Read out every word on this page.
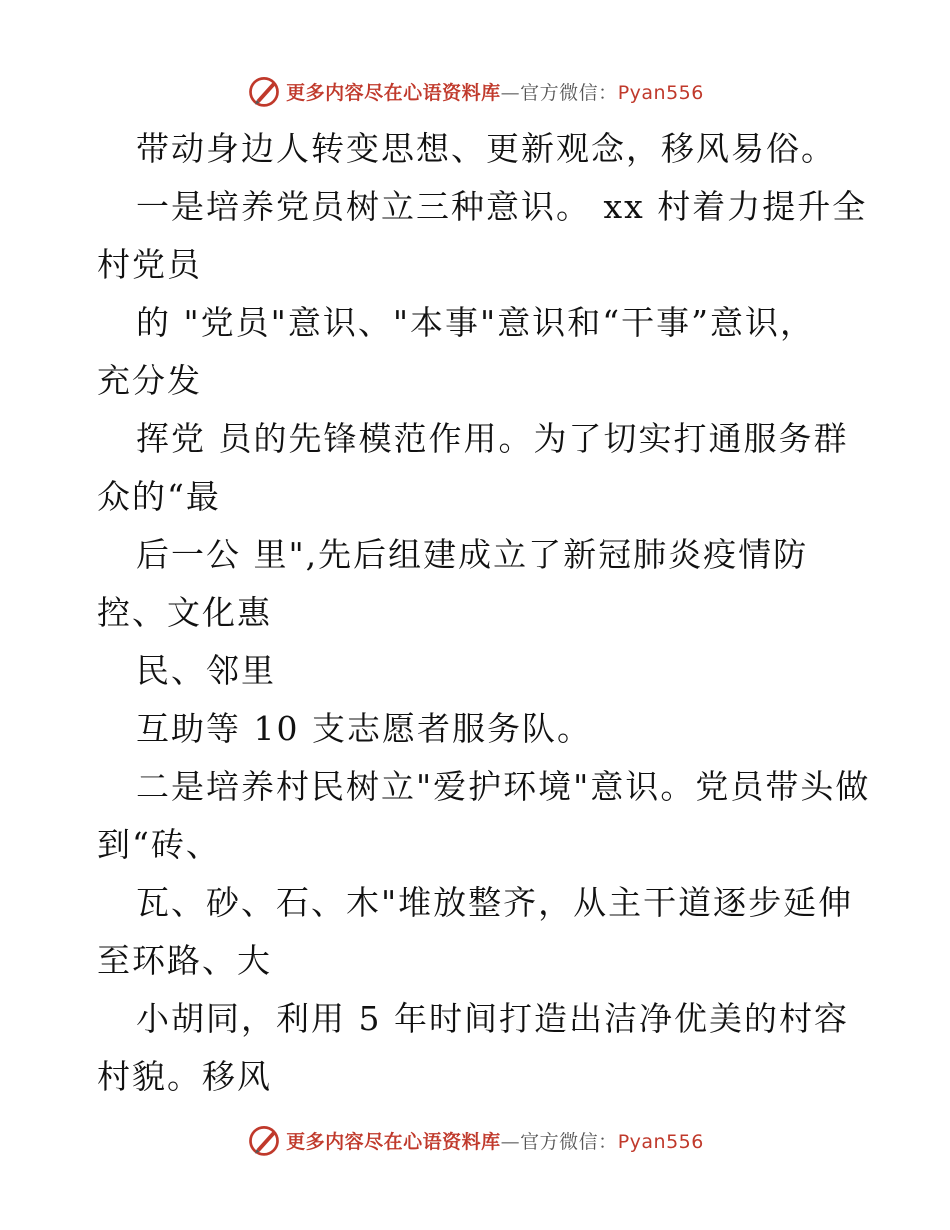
更多内容尽在心语资料库—官方微信：Pyan556
带动身边人转变思想、更新观念，移风易俗。
一是培养党员树立三种意识。 xx 村着力提升全
村党员
的 "党员"意识、"本事"意识和“干事”意识，
充分发
挥党 员的先锋模范作用。为了切实打通服务群
众的“最
后一公 里",先后组建成立了新冠肺炎疫情防
控、文化惠
民、邻里
互助等 10 支志愿者服务队。
二是培养村民树立"爱护环境"意识。党员带头做
到“砖、
瓦、砂、石、木"堆放整齐，从主干道逐步延伸
至环路、大
小胡同，利用 5 年时间打造出洁净优美的村容
村貌。移风
更多内容尽在心语资料库—官方微信：Pyan556
